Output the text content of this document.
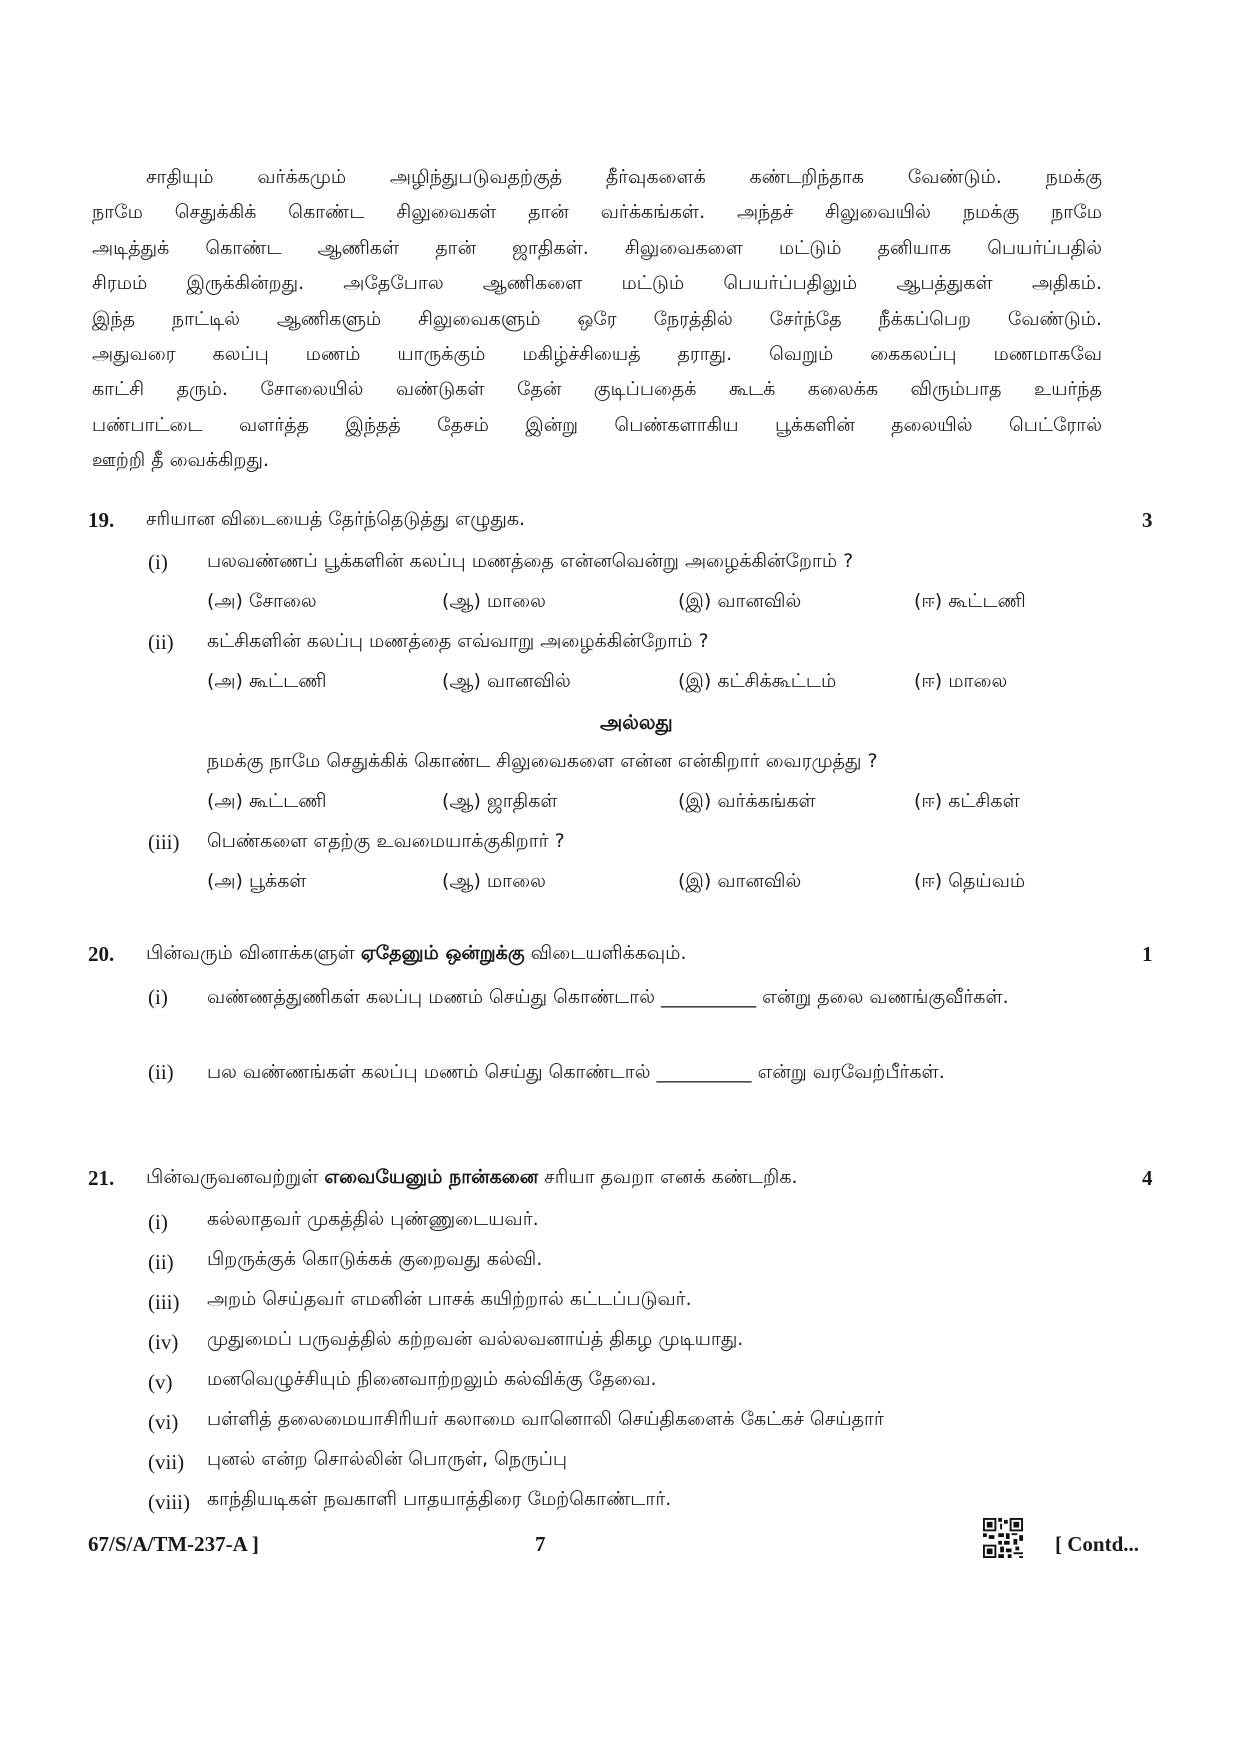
சாதியும் வர்க்கமும் அழிந்துபடுவதற்குத் தீர்வுகளைக் கண்டறிந்தாக வேண்டும். நமக்கு
நாமே செதுக்கிக் கொண்ட சிலுவைகள் தான் வர்க்கங்கள். அந்தச் சிலுவையில் நமக்கு நாமே
அடித்துக் கொண்ட ஆணிகள் தான் ஜாதிகள். சிலுவைகளை மட்டும் தனியாக பெயர்ப்பதில்
சிரமம் இருக்கின்றது. அதேபோல ஆணிகளை மட்டும் பெயர்ப்பதிலும் ஆபத்துகள் அதிகம்.
இந்த நாட்டில் ஆணிகளும் சிலுவைகளும் ஒரே நேரத்தில் சேர்ந்தே நீக்கப்பெற வேண்டும்.
அதுவரை கலப்பு மணம் யாருக்கும் மகிழ்ச்சியைத் தராது. வெறும் கைகலப்பு மணமாகவே
காட்சி தரும். சோலையில் வண்டுகள் தேன் குடிப்பதைக் கூடக் கலைக்க விரும்பாத உயர்ந்த
பண்பாட்டை வளர்த்த இந்தத் தேசம் இன்று பெண்களாகிய பூக்களின் தலையில் பெட்ரோல்
ஊற்றி தீ வைக்கிறது.
19. சரியான விடையைத் தேர்ந்தெடுத்து எழுதுக.	3
(i) பலவண்ணப் பூக்களின் கலப்பு மணத்தை என்னவென்று அழைக்கின்றோம் ?
(அ) சோலை	(ஆ) மாலை	(இ) வானவில்	(ஈ) கூட்டணி
(ii) கட்சிகளின் கலப்பு மணத்தை எவ்வாறு அழைக்கின்றோம் ?
(அ) கூட்டணி	(ஆ) வானவில்	(இ) கட்சிக்கூட்டம்	(ஈ) மாலை
அல்லது
நமக்கு நாமே செதுக்கிக் கொண்ட சிலுவைகளை என்ன என்கிறார் வைரமுத்து ?
(அ) கூட்டணி	(ஆ) ஜாதிகள்	(இ) வர்க்கங்கள்	(ஈ) கட்சிகள்
(iii) பெண்களை எதற்கு உவமையாக்குகிறார் ?
(அ) பூக்கள்	(ஆ) மாலை	(இ) வானவில்	(ஈ) தெய்வம்
20. பின்வரும் வினாக்களுள் ஏதேனும் ஒன்றுக்கு விடையளிக்கவும்.	1
(i) வண்ணத்துணிகள் கலப்பு மணம் செய்து கொண்டால் __________ என்று தலை வணங்குவீர்கள்.
(ii) பல வண்ணங்கள் கலப்பு மணம் செய்து கொண்டால் __________ என்று வரவேற்பீர்கள்.
21. பின்வருவனவற்றுள் எவையேனும் நான்கனை சரியா தவறா எனக் கண்டறிக.	4
(i) கல்லாதவர் முகத்தில் புண்ணுடையவர்.
(ii) பிறருக்குக் கொடுக்கக் குறைவது கல்வி.
(iii) அறம் செய்தவர் எமனின் பாசக் கயிற்றால் கட்டப்படுவர்.
(iv) முதுமைப் பருவத்தில் கற்றவன் வல்லவனாய்த் திகழ முடியாது.
(v) மனவெழுச்சியும் நினைவாற்றலும் கல்விக்கு தேவை.
(vi) பள்ளித் தலைமையாசிரியர் கலாமை வானொலி செய்திகளைக் கேட்கச் செய்தார்
(vii) புனல் என்ற சொல்லின் பொருள், நெருப்பு
(viii) காந்தியடிகள் நவகாளி பாதயாத்திரை மேற்கொண்டார்.
67/S/A/TM-237-A ]	7	[ Contd...
